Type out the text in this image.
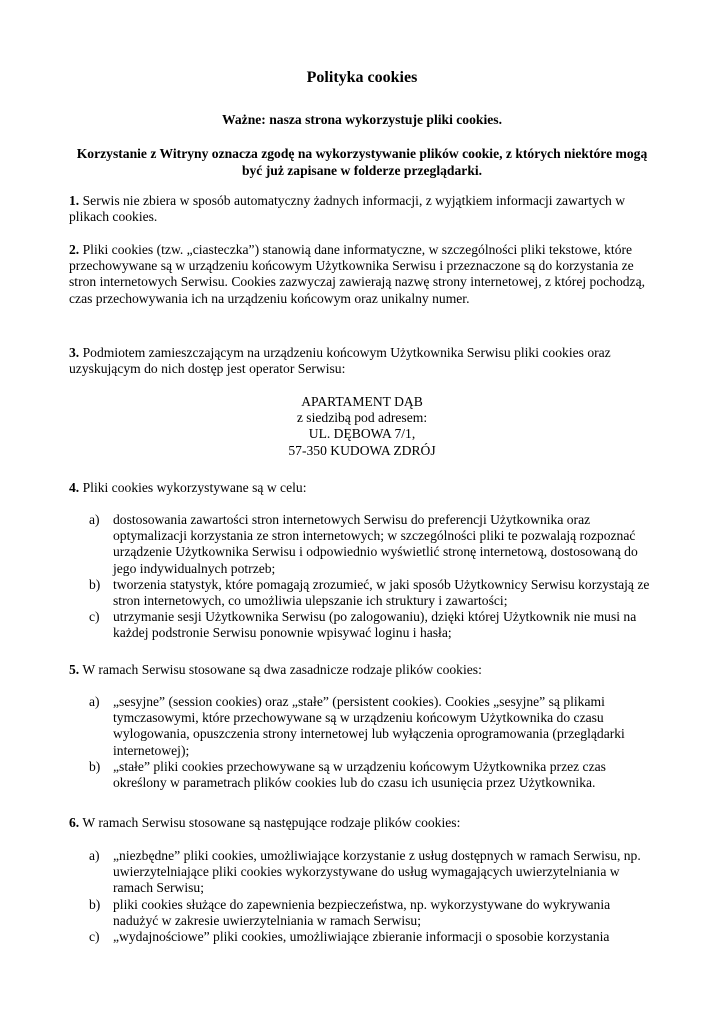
Polityka cookies

Ważne: nasza strona wykorzystuje pliki cookies.

Korzystanie z Witryny oznacza zgodę na wykorzystywanie plików cookie, z których niektóre mogą być już zapisane w folderze przeglądarki.

1. Serwis nie zbiera w sposób automatyczny żadnych informacji, z wyjątkiem informacji zawartych w plikach cookies.

2. Pliki cookies (tzw. „ciasteczka”) stanowią dane informatyczne, w szczególności pliki tekstowe, które przechowywane są w urządzeniu końcowym Użytkownika Serwisu i przeznaczone są do korzystania ze stron internetowych Serwisu. Cookies zazwyczaj zawierają nazwę strony internetowej, z której pochodzą, czas przechowywania ich na urządzeniu końcowym oraz unikalny numer.

3. Podmiotem zamieszczającym na urządzeniu końcowym Użytkownika Serwisu pliki cookies oraz uzyskującym do nich dostęp jest operator Serwisu:

APARTAMENT DĄB
z siedzibą pod adresem:
UL. DĘBOWA 7/1,
57-350 KUDOWA ZDRÓJ

4. Pliki cookies wykorzystywane są w celu:

a) dostosowania zawartości stron internetowych Serwisu do preferencji Użytkownika oraz optymalizacji korzystania ze stron internetowych; w szczególności pliki te pozwalają rozpoznać urządzenie Użytkownika Serwisu i odpowiednio wyświetlić stronę internetową, dostosowaną do jego indywidualnych potrzeb;
b) tworzenia statystyk, które pomagają zrozumieć, w jaki sposób Użytkownicy Serwisu korzystają ze stron internetowych, co umożliwia ulepszanie ich struktury i zawartości;
c) utrzymanie sesji Użytkownika Serwisu (po zalogowaniu), dzięki której Użytkownik nie musi na każdej podstronie Serwisu ponownie wpisywać loginu i hasła;

5. W ramach Serwisu stosowane są dwa zasadnicze rodzaje plików cookies:

a) „sesyjne” (session cookies) oraz „stałe” (persistent cookies). Cookies „sesyjne” są plikami tymczasowymi, które przechowywane są w urządzeniu końcowym Użytkownika do czasu wylogowania, opuszczenia strony internetowej lub wyłączenia oprogramowania (przeglądarki internetowej);
b) „stałe” pliki cookies przechowywane są w urządzeniu końcowym Użytkownika przez czas określony w parametrach plików cookies lub do czasu ich usunięcia przez Użytkownika.

6. W ramach Serwisu stosowane są następujące rodzaje plików cookies:

a) „niezbędne” pliki cookies, umożliwiające korzystanie z usług dostępnych w ramach Serwisu, np. uwierzytelniające pliki cookies wykorzystywane do usług wymagających uwierzytelniania w ramach Serwisu;
b) pliki cookies służące do zapewnienia bezpieczeństwa, np. wykorzystywane do wykrywania nadużyć w zakresie uwierzytelniania w ramach Serwisu;
c) „wydajnościowe” pliki cookies, umożliwiające zbieranie informacji o sposobie korzystania
